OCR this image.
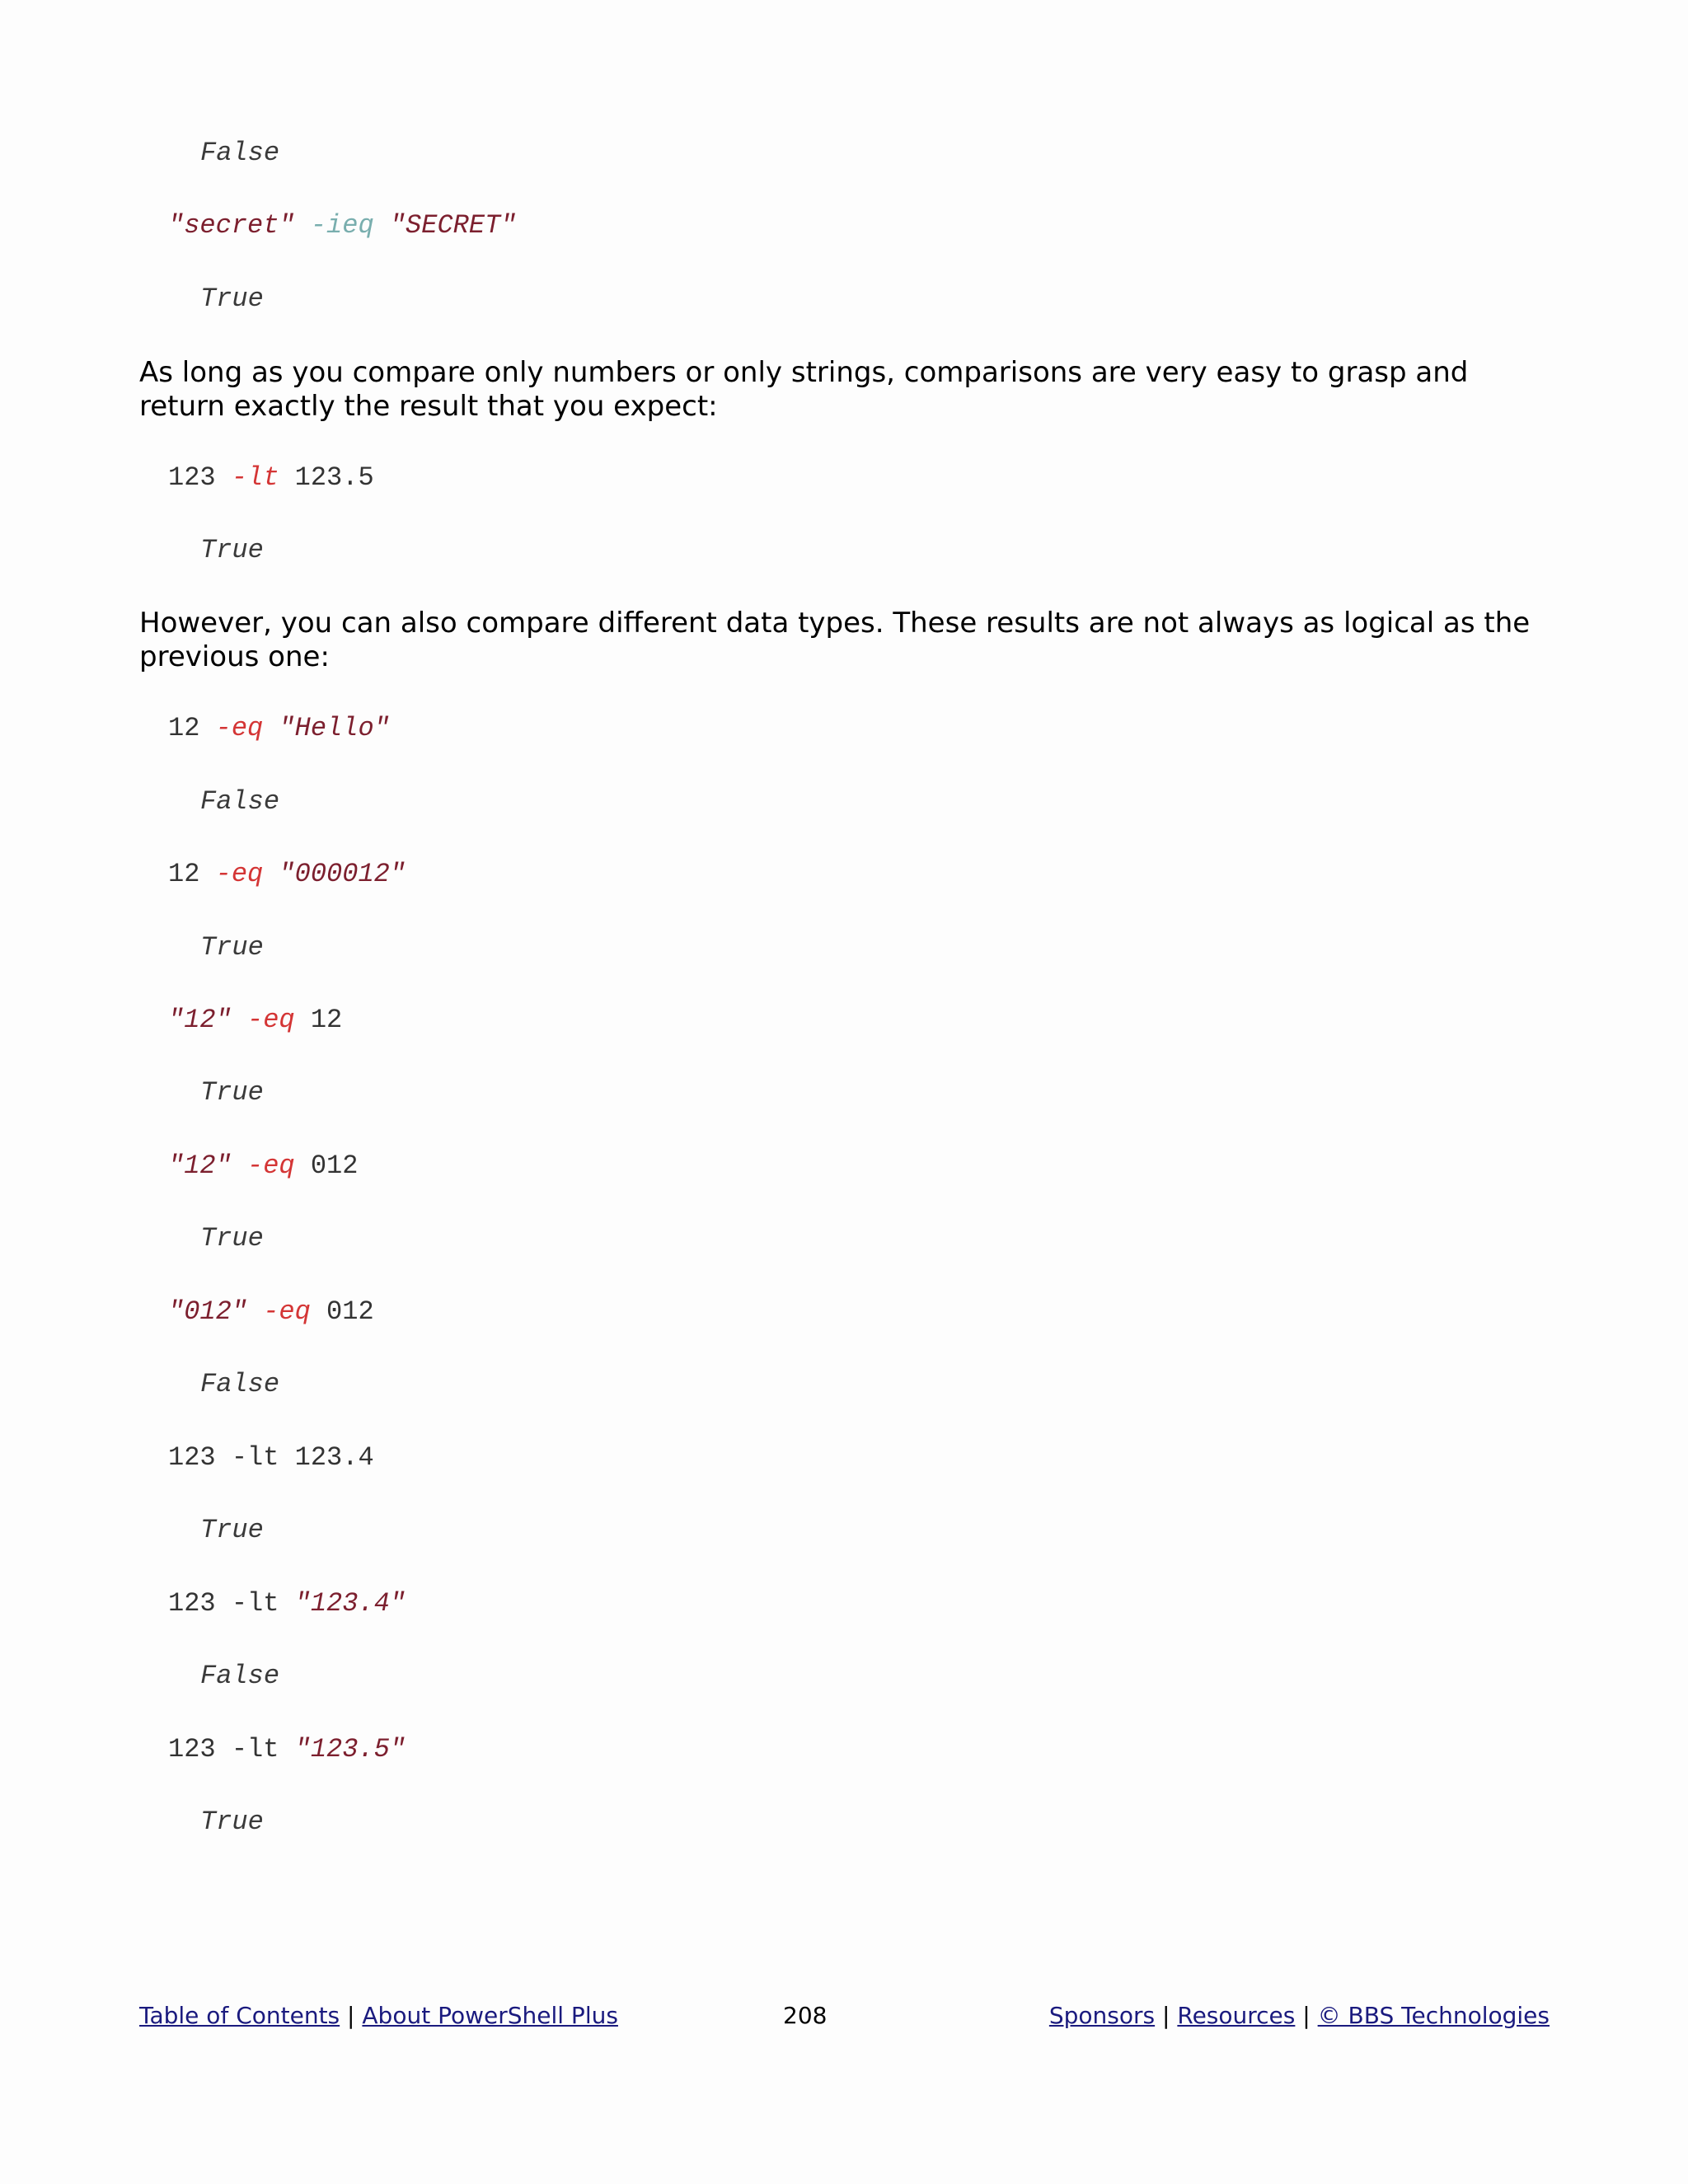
False
"secret" -ieq "SECRET"
True

As long as you compare only numbers or only strings, comparisons are very easy to grasp and return exactly the result that you expect:

123 -lt 123.5
True

However, you can also compare different data types. These results are not always as logical as the previous one:

12 -eq "Hello"
False
12 -eq "000012"
True
"12" -eq 12
True
"12" -eq 012
True
"012" -eq 012
False
123 -lt 123.4
True
123 -lt "123.4"
False
123 -lt "123.5"
True
Table of Contents | About PowerShell Plus	208	Sponsors | Resources | © BBS Technologies
